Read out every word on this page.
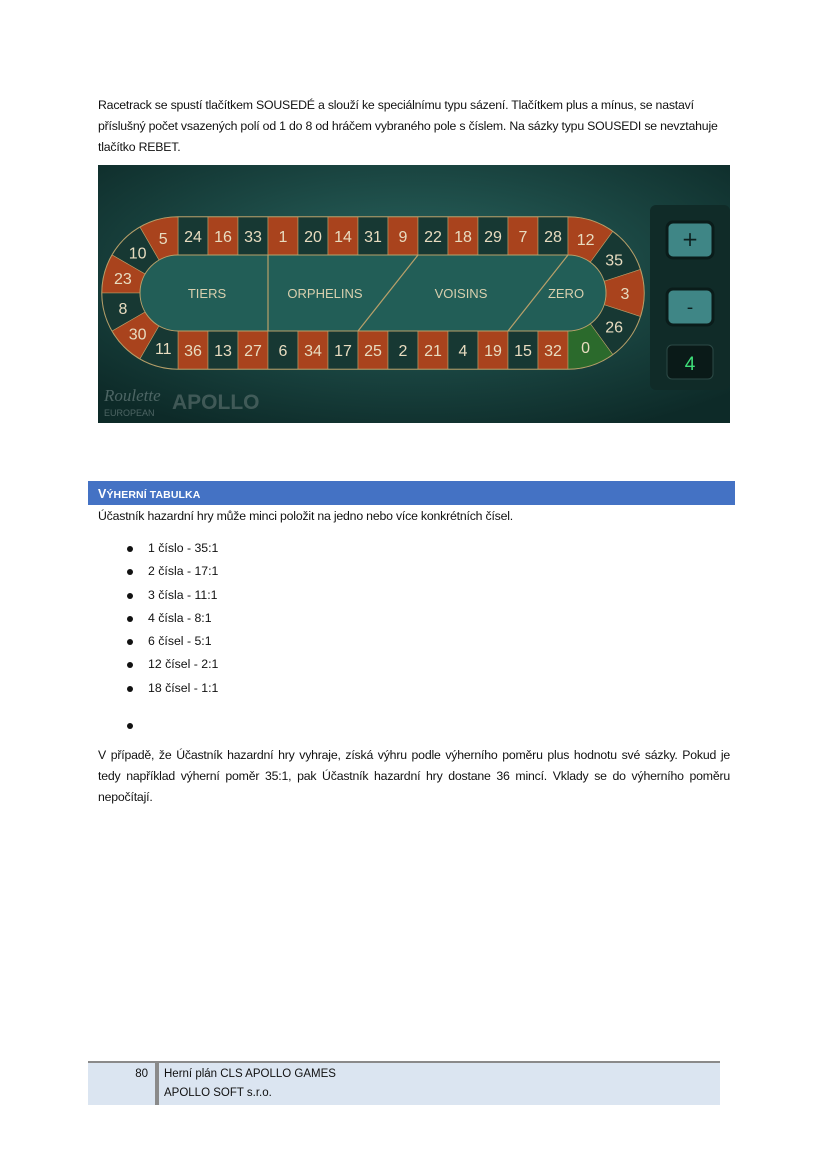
Racetrack se spustí tlačítkem SOUSEDÉ a slouží ke speciálnímu typu sázení. Tlačítkem plus a mínus, se nastaví příslušný počet vsazených polí od 1 do 8 od hráčem vybraného pole s číslem. Na sázky typu SOUSEDI se nevztahuje tlačítko REBET.

24 16 33 1 20 14 31 9 22 18 29 7 28
36 13 27 6 34 17 25 2 21 4 19 15 32
5
10
23
8
30
11
12
35
3
26
0
TIERS	ORPHELINS	VOISINS	ZERO
+
-
4
Roulette
EUROPEAN APOLLO
VÝHERNÍ TABULKA

Účastník hazardní hry může minci položit na jedno nebo více konkrétních čísel.

1 číslo - 35:1
2 čísla - 17:1
3 čísla - 11:1
4 čísla - 8:1
6 čísel - 5:1
12 čísel - 2:1
18 čísel - 1:1

V případě, že Účastník hazardní hry vyhraje, získá výhru podle výherního poměru plus hodnotu své sázky. Pokud je tedy například výherní poměr 35:1, pak Účastník hazardní hry dostane 36 mincí. Vklady se do výherního poměru nepočítají.

80 Herní plán CLS APOLLO GAMES
APOLLO SOFT s.r.o.
